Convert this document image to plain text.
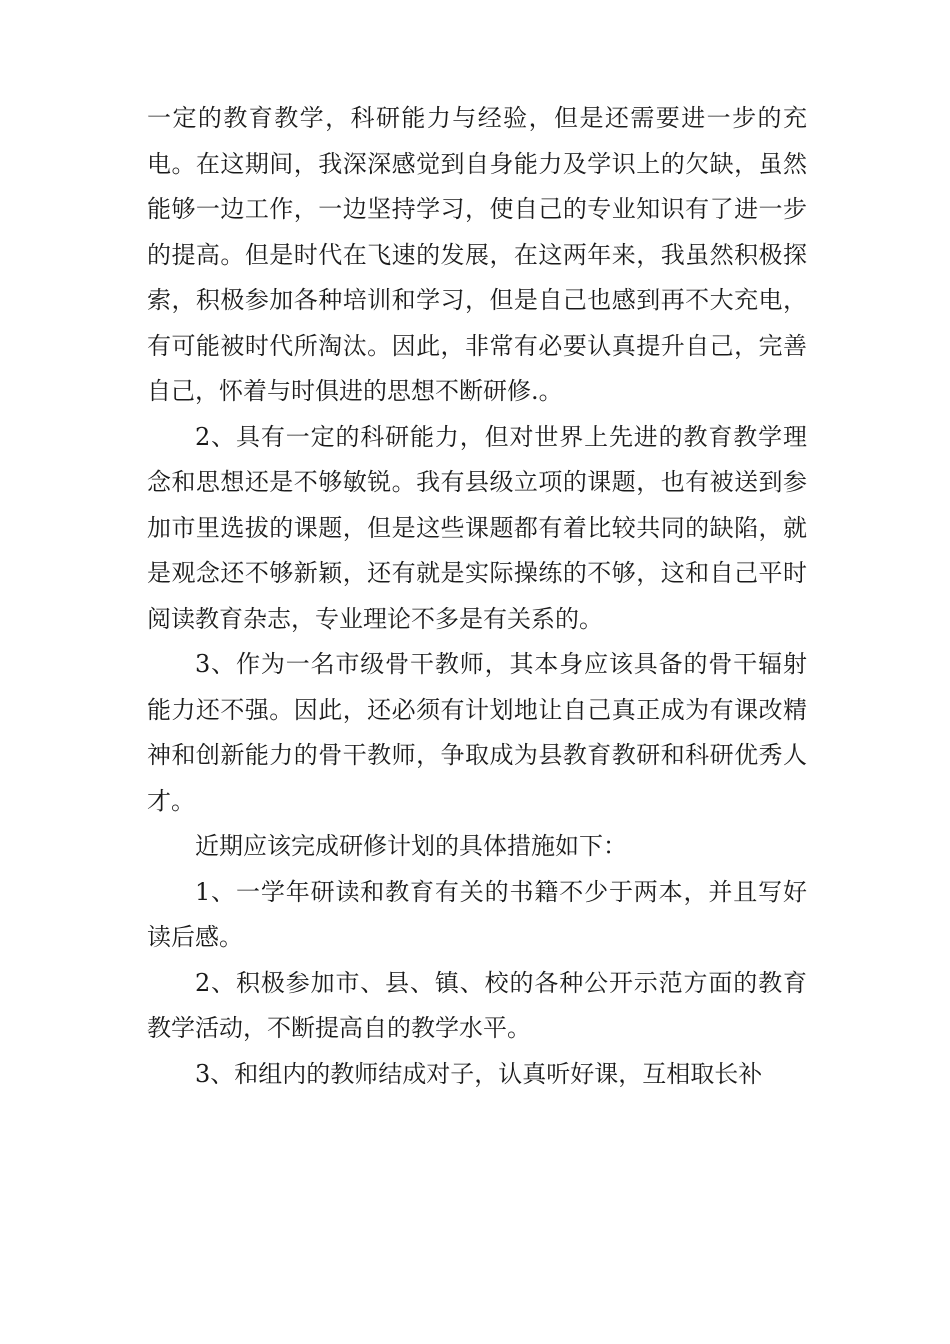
一定的教育教学，科研能力与经验，但是还需要进一步的充电。在这期间，我深深感觉到自身能力及学识上的欠缺，虽然能够一边工作，一边坚持学习，使自己的专业知识有了进一步的提高。但是时代在飞速的发展，在这两年来，我虽然积极探索，积极参加各种培训和学习，但是自己也感到再不大充电，有可能被时代所淘汰。因此，非常有必要认真提升自己，完善自己，怀着与时俱进的思想不断研修.。

2、具有一定的科研能力，但对世界上先进的教育教学理念和思想还是不够敏锐。我有县级立项的课题，也有被送到参加市里选拔的课题，但是这些课题都有着比较共同的缺陷，就是观念还不够新颖，还有就是实际操练的不够，这和自己平时阅读教育杂志，专业理论不多是有关系的。

3、作为一名市级骨干教师，其本身应该具备的骨干辐射能力还不强。因此，还必须有计划地让自己真正成为有课改精神和创新能力的骨干教师，争取成为县教育教研和科研优秀人才。

近期应该完成研修计划的具体措施如下：

1、一学年研读和教育有关的书籍不少于两本，并且写好读后感。

2、积极参加市、县、镇、校的各种公开示范方面的教育教学活动，不断提高自的教学水平。

3、和组内的教师结成对子，认真听好课，互相取长补
